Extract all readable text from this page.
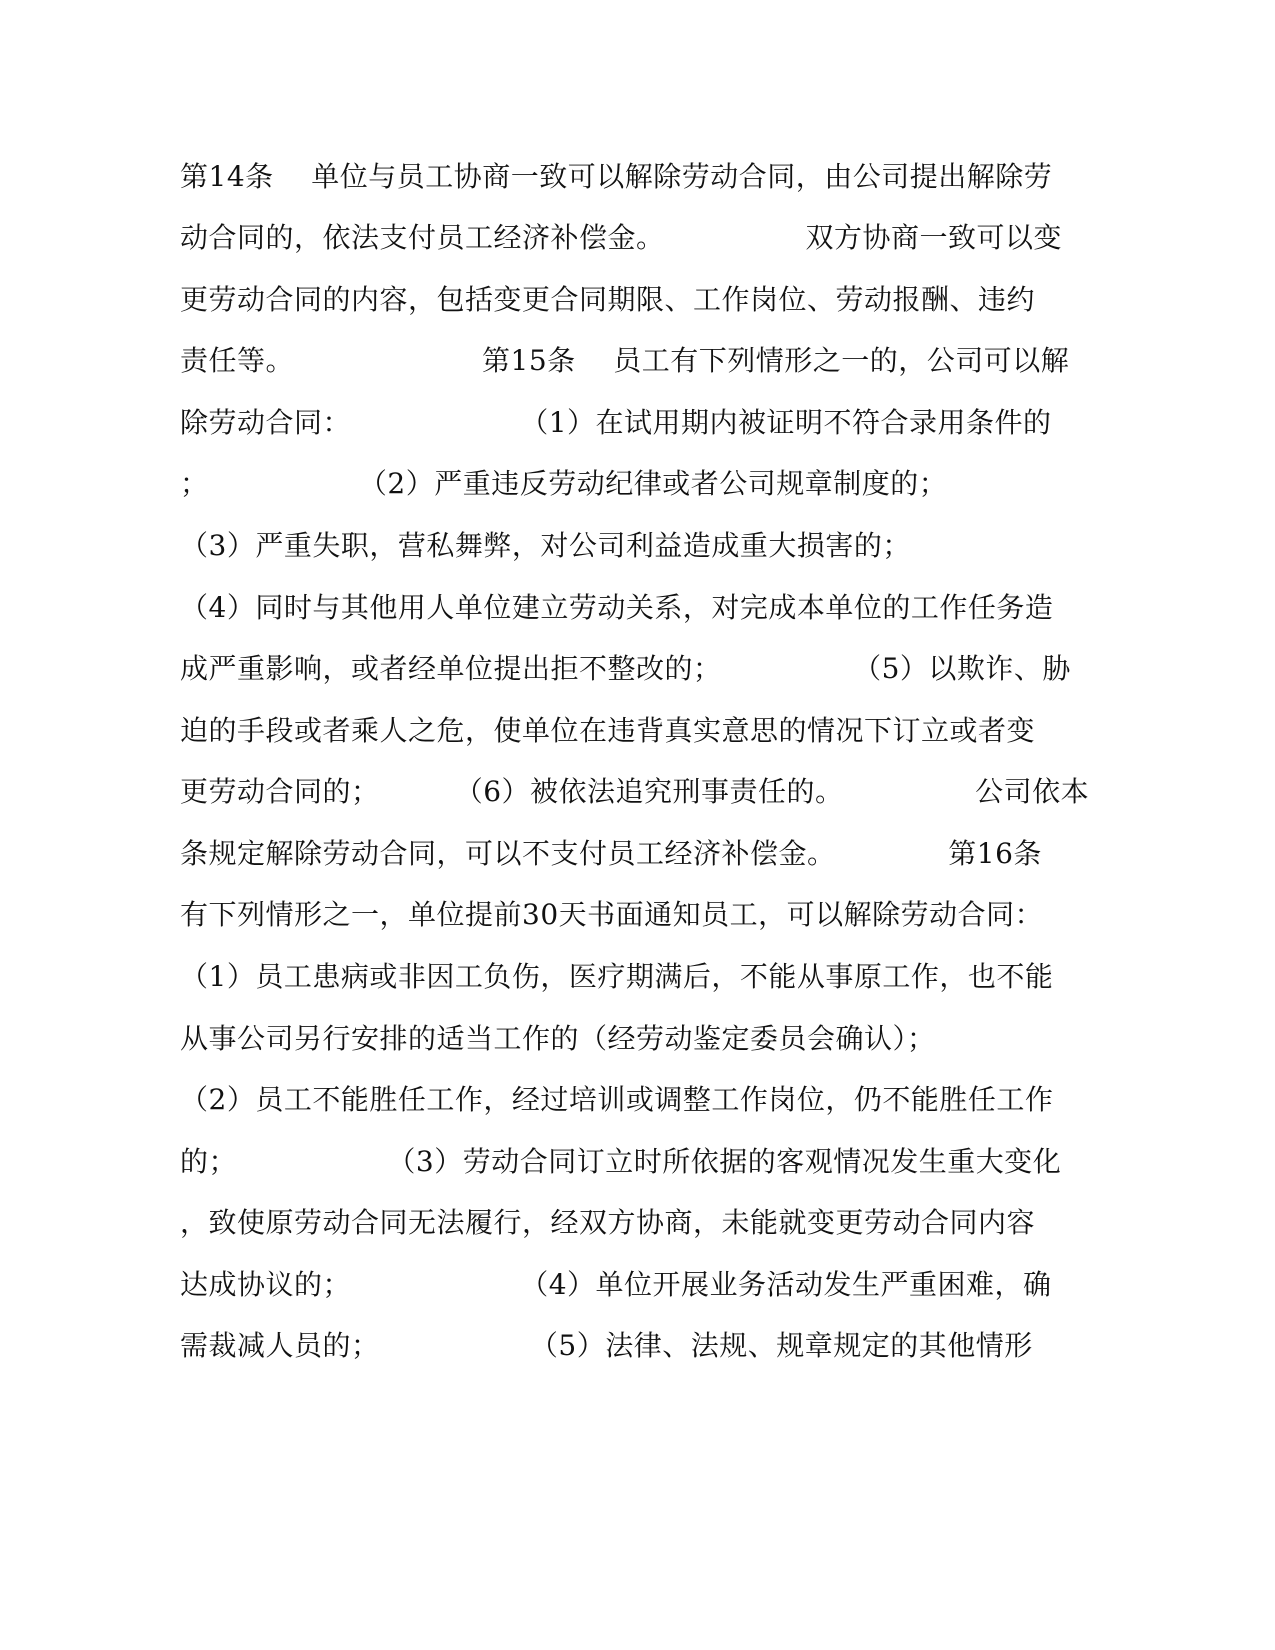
第14条    单位与员工协商一致可以解除劳动合同，由公司提出解除劳
动合同的，依法支付员工经济补偿金。               双方协商一致可以变
更劳动合同的内容，包括变更合同期限、工作岗位、劳动报酬、违约
责任等。                    第15条    员工有下列情形之一的，公司可以解
除劳动合同：                  （1）在试用期内被证明不符合录用条件的
；                （2）严重违反劳动纪律或者公司规章制度的；
（3）严重失职，营私舞弊，对公司利益造成重大损害的；
（4）同时与其他用人单位建立劳动关系，对完成本单位的工作任务造
成严重影响，或者经单位提出拒不整改的；              （5）以欺诈、胁
迫的手段或者乘人之危，使单位在违背真实意思的情况下订立或者变
更劳动合同的；        （6）被依法追究刑事责任的。              公司依本
条规定解除劳动合同，可以不支付员工经济补偿金。            第16条
有下列情形之一，单位提前30天书面通知员工，可以解除劳动合同：
（1）员工患病或非因工负伤，医疗期满后，不能从事原工作，也不能
从事公司另行安排的适当工作的（经劳动鉴定委员会确认）；
（2）员工不能胜任工作，经过培训或调整工作岗位，仍不能胜任工作
的；                （3）劳动合同订立时所依据的客观情况发生重大变化
，致使原劳动合同无法履行，经双方协商，未能就变更劳动合同内容
达成协议的；                  （4）单位开展业务活动发生严重困难，确
需裁减人员的；                （5）法律、法规、规章规定的其他情形
